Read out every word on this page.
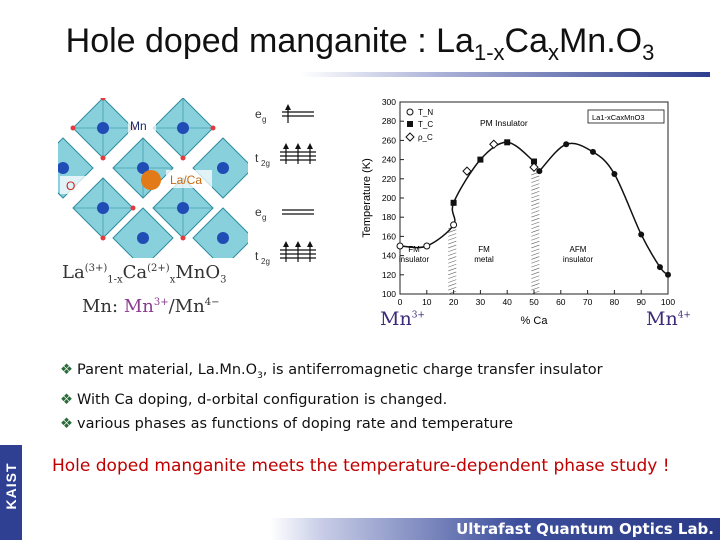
Hole doped manganite : $La_{1-x}Ca_xMn.O_3$
Mn
O	La/Ca
$La^{(3+)}_{1-x}Ca^{(2+)}_xMnO_3$
Mn: $Mn^{3+}/Mn^{4-}$
e g
t 2g
e g
t 2g
0 10 20 30 40 50 60 70 80 90 100
100
120
140
160
180
200
220
240
260
280
300
T_N
T_C
ρ_C
La1-xCaxMnO3
PM Insulator
FM insulator
FM metal
AFM insulator
Temperature (K)
% Ca
$Mn^{3+}$	$Mn^{4+}$
❖ Parent material, $La.Mn.O_3$, is antiferromagnetic charge transfer insulator
❖ With Ca doping, d-orbital configuration is changed.
❖ various phases as functions of doping rate and temperature
Hole doped manganite meets the temperature-dependent phase study !
KAIST
Ultrafast Quantum Optics Lab.
